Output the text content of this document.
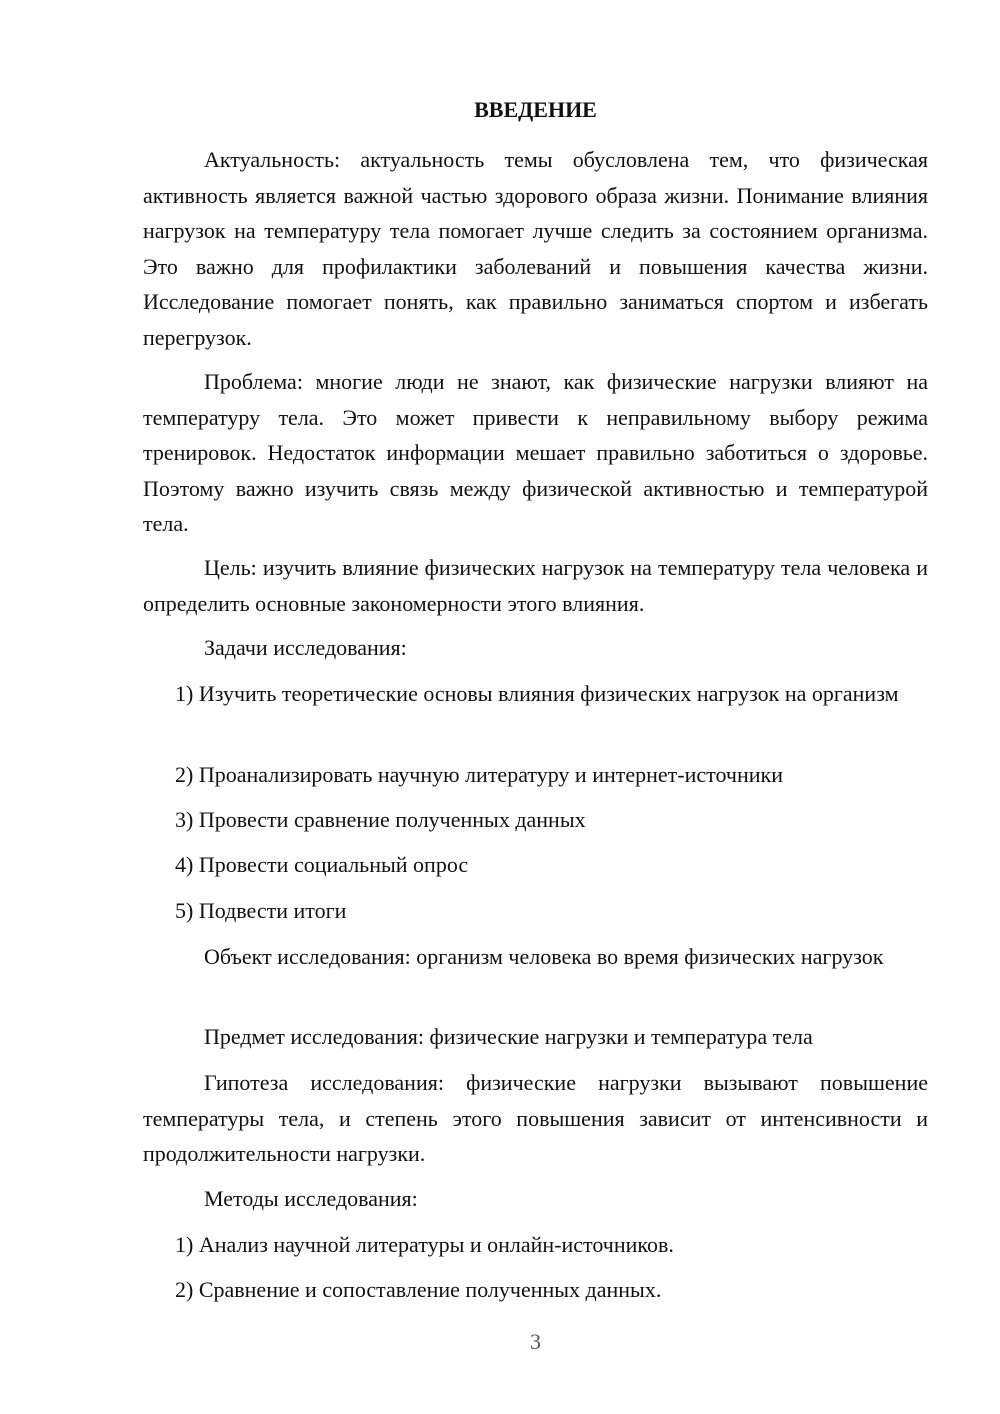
ВВЕДЕНИЕ

Актуальность: актуальность темы обусловлена тем, что физическая активность является важной частью здорового образа жизни. Понимание влияния нагрузок на температуру тела помогает лучше следить за состоянием организма. Это важно для профилактики заболеваний и повышения качества жизни. Исследование помогает понять, как правильно заниматься спортом и избегать перегрузок.

Проблема: многие люди не знают, как физические нагрузки влияют на температуру тела. Это может привести к неправильному выбору режима тренировок. Недостаток информации мешает правильно заботиться о здоровье. Поэтому важно изучить связь между физической активностью и температурой тела.

Цель: изучить влияние физических нагрузок на температуру тела человека и определить основные закономерности этого влияния.

Задачи исследования:

1) Изучить теоретические основы влияния физических нагрузок на организм

2) Проанализировать научную литературу и интернет-источники

3) Провести сравнение полученных данных

4) Провести социальный опрос

5) Подвести итоги

Объект исследования: организм человека во время физических нагрузок

Предмет исследования: физические нагрузки и температура тела

Гипотеза исследования: физические нагрузки вызывают повышение температуры тела, и степень этого повышения зависит от интенсивности и продолжительности нагрузки.

Методы исследования:

1) Анализ научной литературы и онлайн-источников.

2) Сравнение и сопоставление полученных данных.

3
